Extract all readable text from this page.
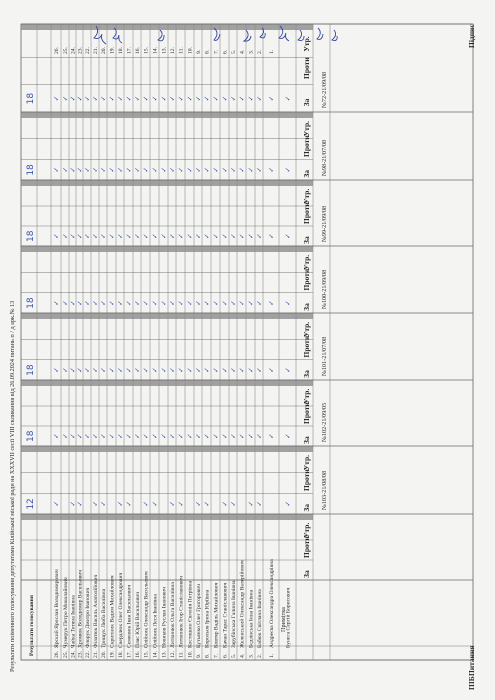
Результати поіменного голосування депутатами Кілійської міської ради на XXXVII сесії VIII скликання від 26.09.2024 питань п / д арк.№ 13
Утр.
Проти
За №72-21/09/08
✓
✓
✓
✓
✓
✓
✓
✓
✓
✓
✓
✓
✓
✓
✓
✓
✓
✓
✓
✓
✓
✓
✓
✓
✓
✓
✓
18
Утр.
Проти
За №98-21/07/08
✓
✓
✓
✓
✓
✓
✓
✓
✓
✓
✓
✓
✓
✓
✓
✓
✓
✓
✓
✓
✓
✓
✓
✓
✓
✓
✓
18
Утр.
Проти
За №99-21/09/08
✓
✓
✓
✓
✓
✓
✓
✓
✓
✓
✓
✓
✓
✓
✓
✓
✓
✓
✓
✓
✓
✓
✓
✓
✓
✓
✓
18
Утр.
Проти
За №100-21/09/08
✓
✓
✓
✓
✓
✓
✓
✓
✓
✓
✓
✓
✓
✓
✓
✓
✓
✓
✓
✓
✓
✓
✓
✓
✓
✓
✓
18
Утр.
Проти
За №101-21/07/08
✓
✓
✓
✓
✓
✓
✓
✓
✓
✓
✓
✓
✓
✓
✓
✓
✓
✓
✓
✓
✓
✓
✓
✓
✓
✓
✓
18
Утр.
Проти
За №102-21/09/05
✓
✓
✓
✓
✓
✓
✓
✓
✓
✓
✓
✓
✓
✓
✓
✓
✓
✓
✓
✓
✓
✓
✓
✓
✓
✓
✓
18
Утр.
Проти
За №103-21/08/08
✓
✓
✓
✓
✓
✓
✓
✓
✓
✓
✓
✓
✓
✓
✓
✓
✓
✓
12
Утр.
Проти
За
ПІБ
Питання
Підпис
Примітка
Бунега Сергій Борисович
Андреєва Олександра Олександрівна
1.
1.
Бабюк Світлана Іванівна
2.
2.
Бєдзінська Інна Іванівна
3.
3.
Желенський Олександр Валерійович
4.
4.
Зарубінська Галина Іванівна
5.
5.
Качан Тарас Станіславович
6.
6.
Ковтяр Ваділь Михайлович
7.
7.
Корольов Ірина Юріївна
8.
8.
Кутьянко Олег Григорович
9.
9.
Костишин Євгенія Петрівна
10.
10.
Литвинюк Ігор Станіславович
11.
11.
Литвинюк Ольга Василівна
12.
12.
Новиков Руслан Іванович
13.
13.
Олійник Леся Іванівна
14.
14.
Олійник Олександр Васильович
15.
15.
Пляс Юрій Васильович
16.
16.
Семенюк Іван Васильович
17.
17.
Свердлюк Олег Олександрович
18.
18.
Скрипник Вадим Михайлович
19.
19.
Трищук Люба Василівна
20.
20.
Філатюк Василь Анатолійович
21.
21.
Флорук Дмитро Іванович
22.
22.
Хромюк Володимир Васильович
23.
23.
Чайка Тетяна Іванівна
24.
24.
Чумерук Петро Миколайович
25.
25.
Ярский Ярослав Володимирович
26.
26.
Результати голосування
